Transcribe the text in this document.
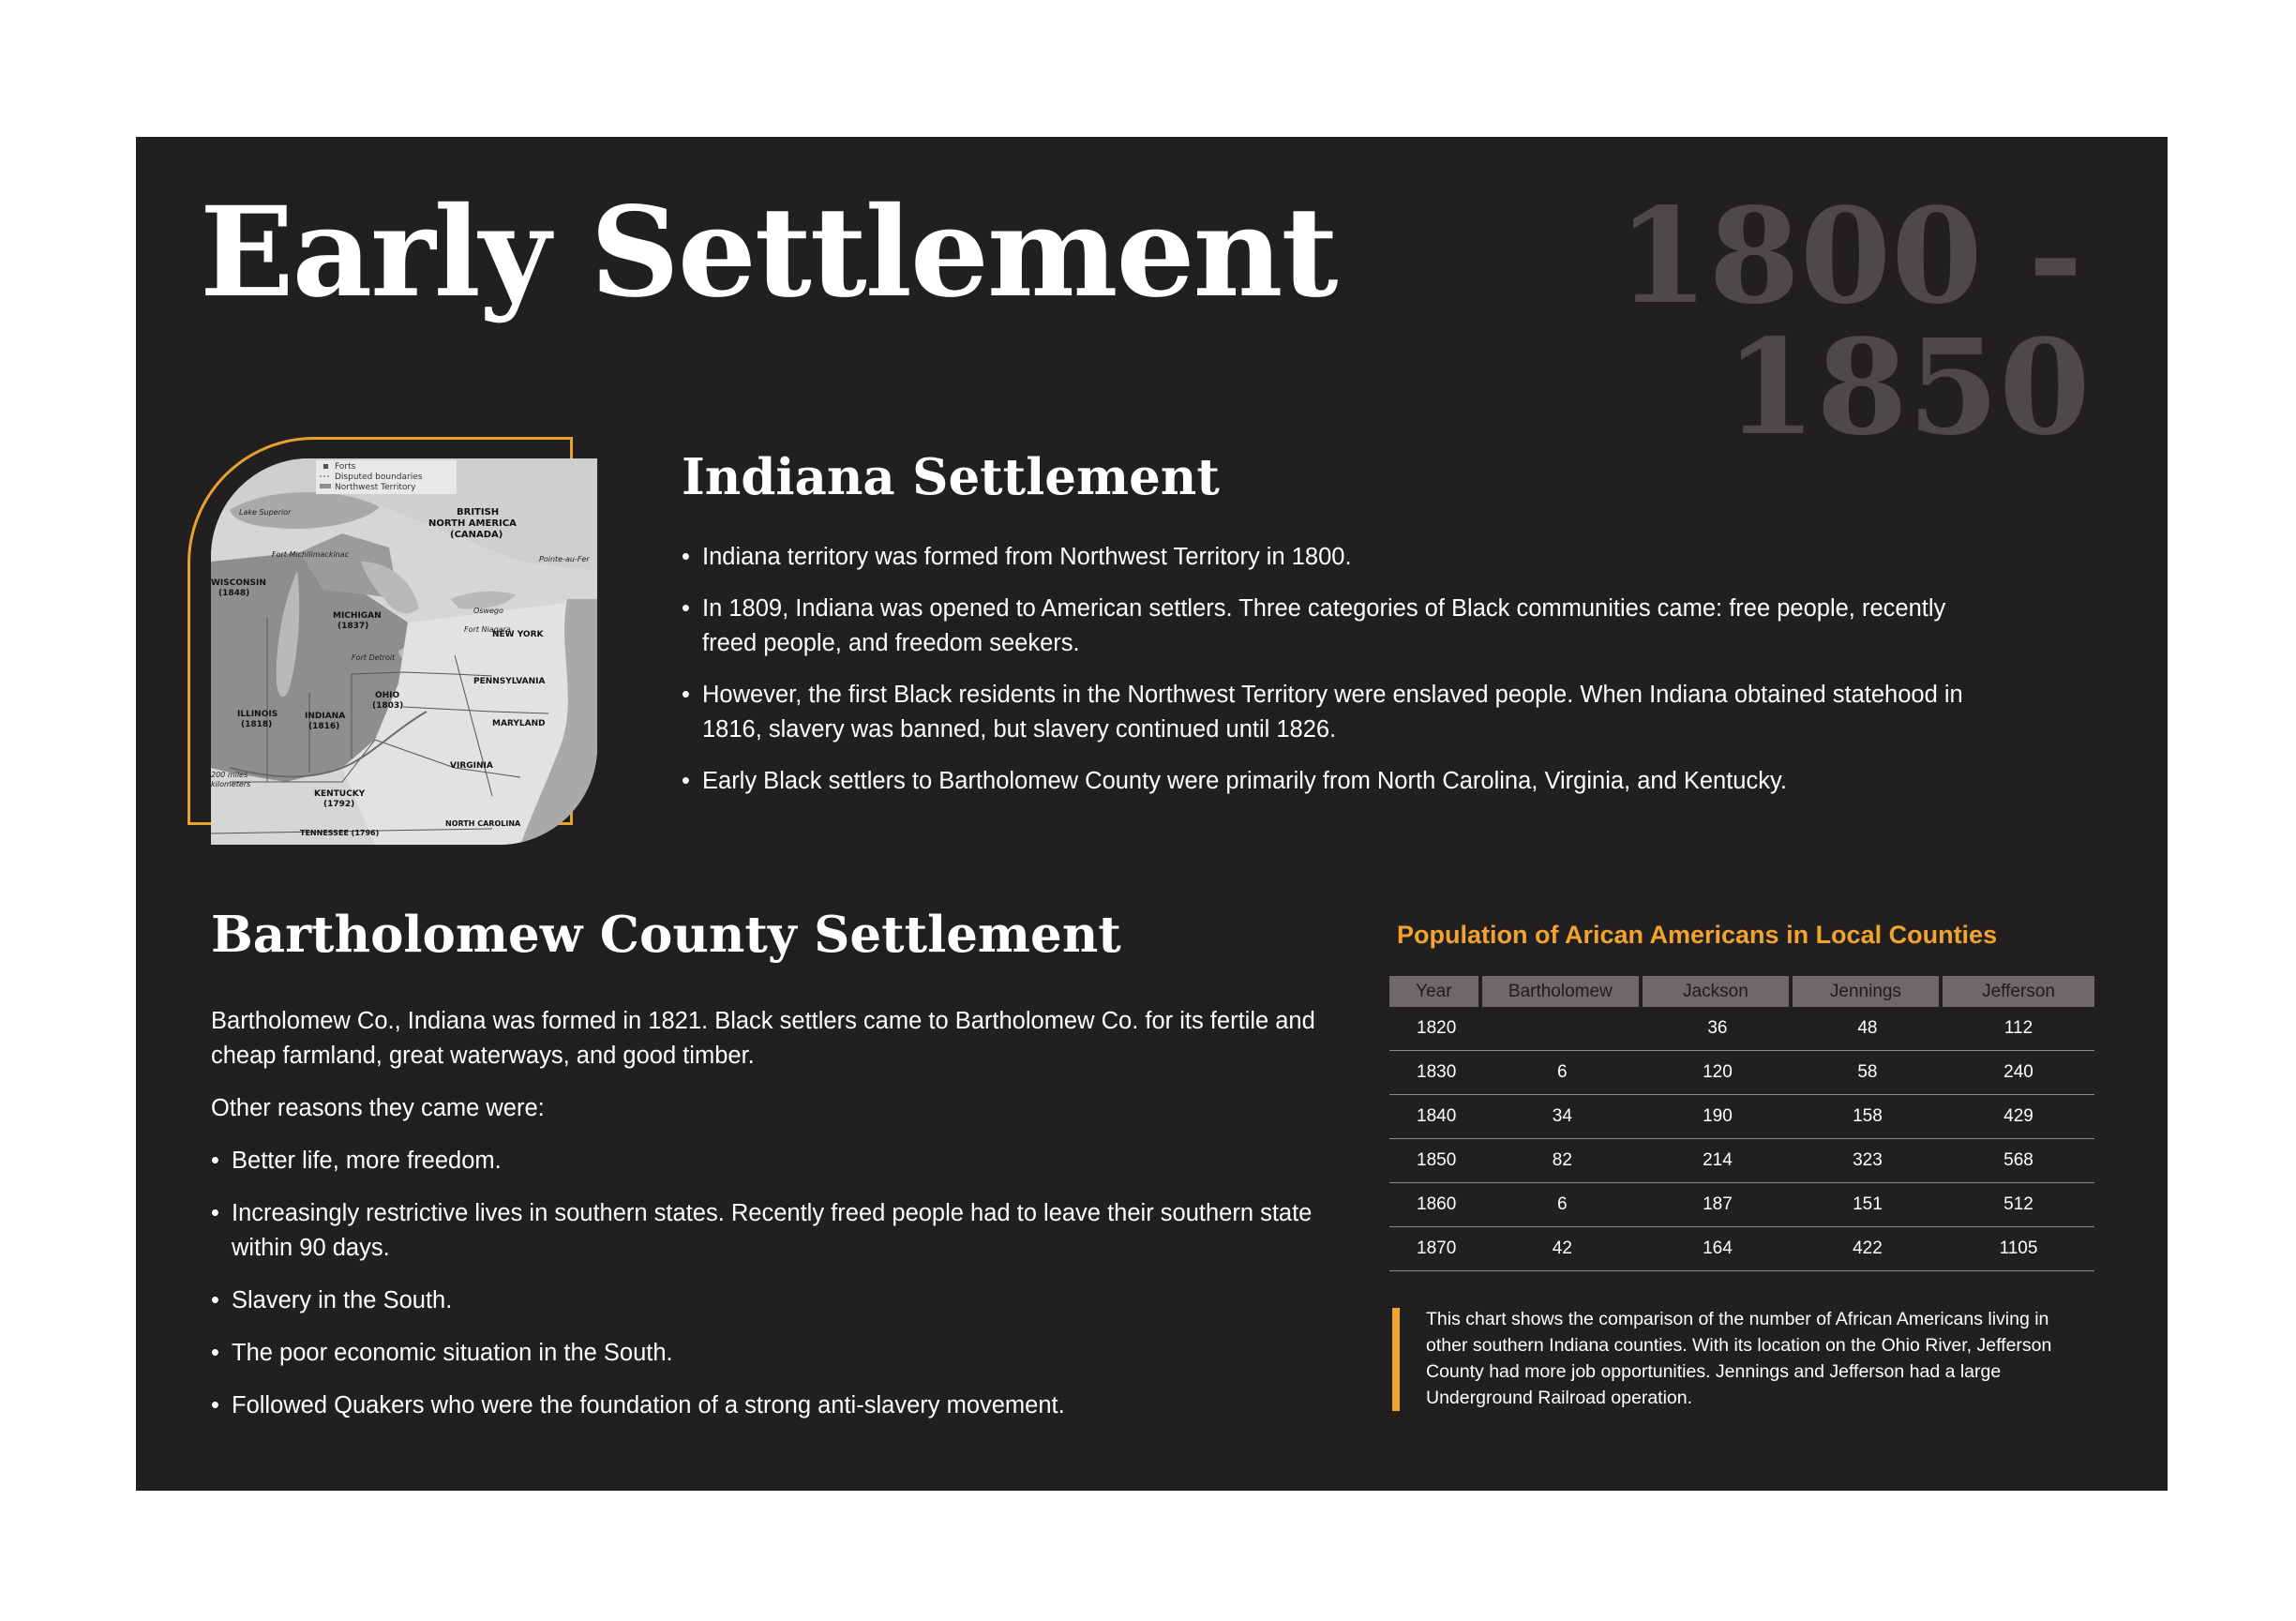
Early Settlement 1800 -
1850
Forts
Disputed boundaries
Northwest Territory
BRITISH
NORTH AMERICA
(CANADA)
WISCONSIN
(1848)
MICHIGAN
(1837)
ILLINOIS
(1818)
INDIANA
(1816)
OHIO
(1803)
KENTUCKY
(1792)
PENNSYLVANIA
NEW YORK
MARYLAND
VIRGINIA
TENNESSEE (1796)
NORTH CAROLINA
Lake Superior
Fort Michilimackinac
Fort Detroit
Oswego
Fort Niagara
Pointe-au-Fer
200 miles
kilometers
Indiana Settlement
• Indiana territory was formed from Northwest Territory in 1800.
• In 1809, Indiana was opened to American settlers. Three categories of Black communities came: free people, recently freed people, and freedom seekers.
• However, the first Black residents in the Northwest Territory were enslaved people. When Indiana obtained statehood in 1816, slavery was banned, but slavery continued until 1826.
• Early Black settlers to Bartholomew County were primarily from North Carolina, Virginia, and Kentucky.
Bartholomew County Settlement

Bartholomew Co., Indiana was formed in 1821. Black settlers came to Bartholomew Co. for its fertile and cheap farmland, great waterways, and good timber.

Other reasons they came were:

• Better life, more freedom.
• Increasingly restrictive lives in southern states. Recently freed people had to leave their southern state within 90 days.
• Slavery in the South.
• The poor economic situation in the South.
• Followed Quakers who were the foundation of a strong anti-slavery movement.
Population of Arican Americans in Local Counties
Year	Bartholomew	Jackson	Jennings	Jefferson
1820		36	48	112
1830	6	120	58	240
1840	34	190	158	429
1850	82	214	323	568
1860	6	187	151	512
1870	42	164	422	1105

This chart shows the comparison of the number of African Americans living in other southern Indiana counties. With its location on the Ohio River, Jefferson County had more job opportunities. Jennings and Jefferson had a large Underground Railroad operation.
